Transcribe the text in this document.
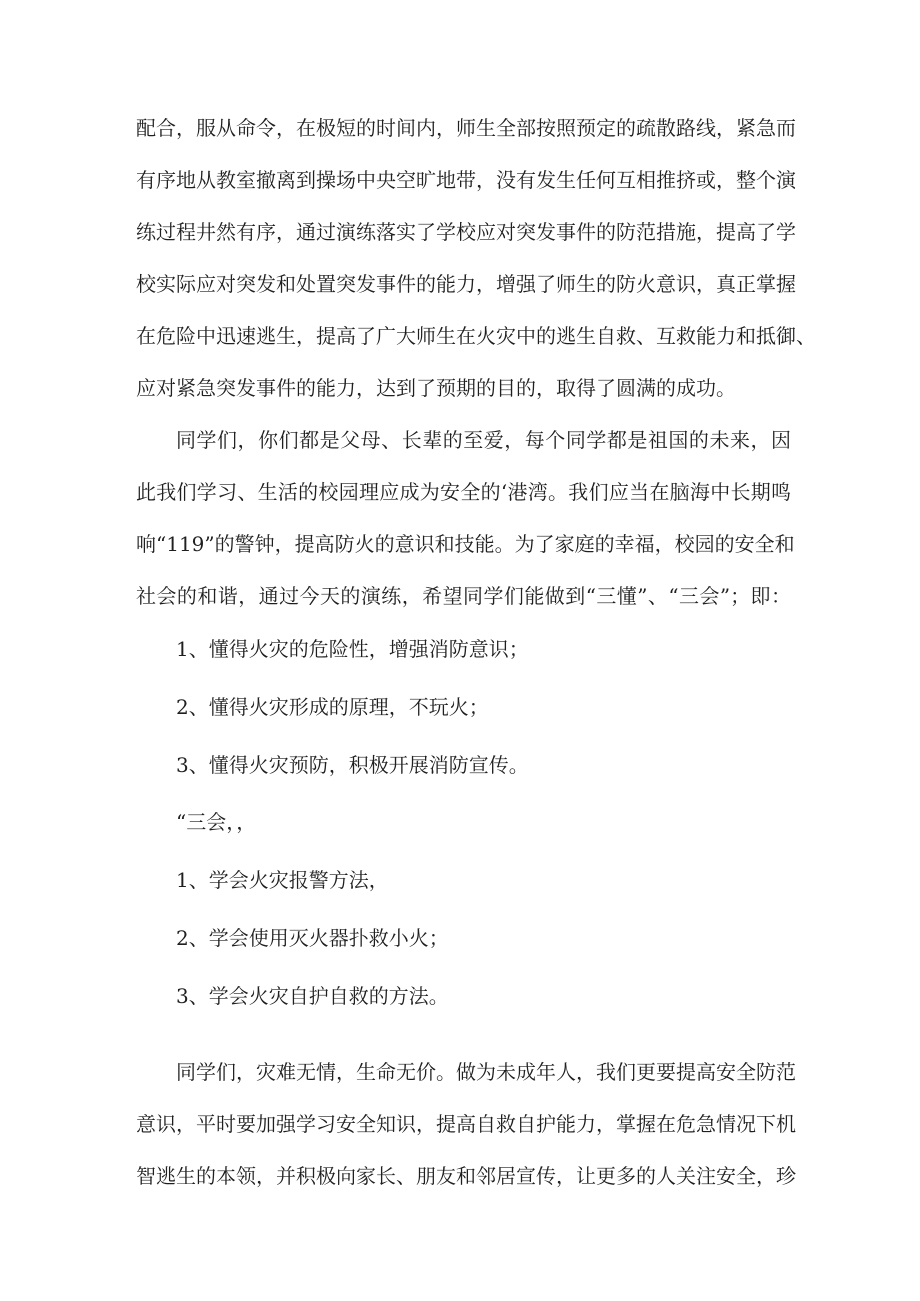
配合，服从命令，在极短的时间内，师生全部按照预定的疏散路线，紧急而
有序地从教室撤离到操场中央空旷地带，没有发生任何互相推挤或，整个演
练过程井然有序，通过演练落实了学校应对突发事件的防范措施，提高了学
校实际应对突发和处置突发事件的能力，增强了师生的防火意识，真正掌握
在危险中迅速逃生，提高了广大师生在火灾中的逃生自救、互救能力和抵御、
应对紧急突发事件的能力，达到了预期的目的，取得了圆满的成功。
同学们，你们都是父母、长辈的至爱，每个同学都是祖国的未来，因
此我们学习、生活的校园理应成为安全的‘港湾。我们应当在脑海中长期鸣
响“119”的警钟，提高防火的意识和技能。为了家庭的幸福，校园的安全和
社会的和谐，通过今天的演练，希望同学们能做到“三懂”、“三会”；即：
1、懂得火灾的危险性，增强消防意识；
2、懂得火灾形成的原理，不玩火；
3、懂得火灾预防，积极开展消防宣传。
“三会，，
1、学会火灾报警方法，
2、学会使用灭火器扑救小火；
3、学会火灾自护自救的方法。
同学们，灾难无情，生命无价。做为未成年人，我们更要提高安全防范
意识，平时要加强学习安全知识，提高自救自护能力，掌握在危急情况下机
智逃生的本领，并积极向家长、朋友和邻居宣传，让更多的人关注安全，珍
